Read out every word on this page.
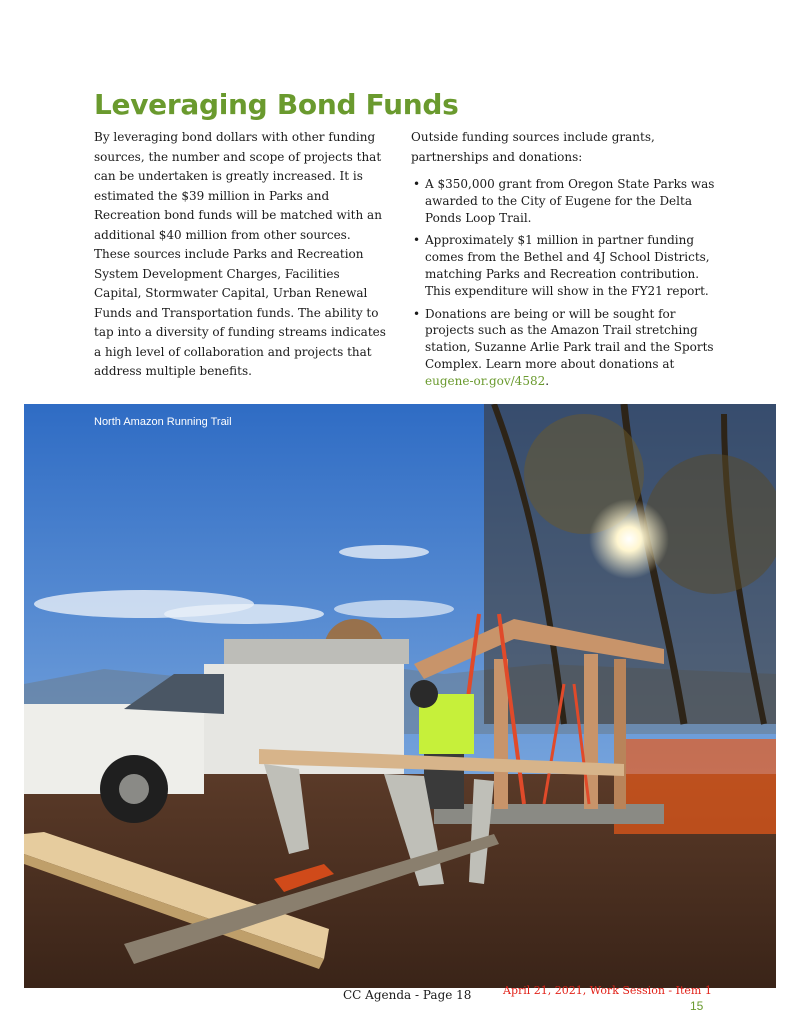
Leveraging Bond Funds

By leveraging bond dollars with other funding sources, the number and scope of projects that can be undertaken is greatly increased. It is estimated the $39 million in Parks and Recreation bond funds will be matched with an additional $40 million from other sources. These sources include Parks and Recreation System Development Charges, Facilities Capital, Stormwater Capital, Urban Renewal Funds and Transportation funds. The ability to tap into a diversity of funding streams indicates a high level of collaboration and projects that address multiple benefits.

Outside funding sources include grants, partnerships and donations:

• A $350,000 grant from Oregon State Parks was awarded to the City of Eugene for the Delta Ponds Loop Trail.
• Approximately $1 million in partner funding comes from the Bethel and 4J School Districts, matching Parks and Recreation contribution. This expenditure will show in the FY21 report.
• Donations are being or will be sought for projects such as the Amazon Trail stretching station, Suzanne Arlie Park trail and the Sports Complex. Learn more about donations at eugene-or.gov/4582.
North Amazon Running Trail
CC Agenda - Page 18	April 21, 2021, Work Session - Item 1
15
